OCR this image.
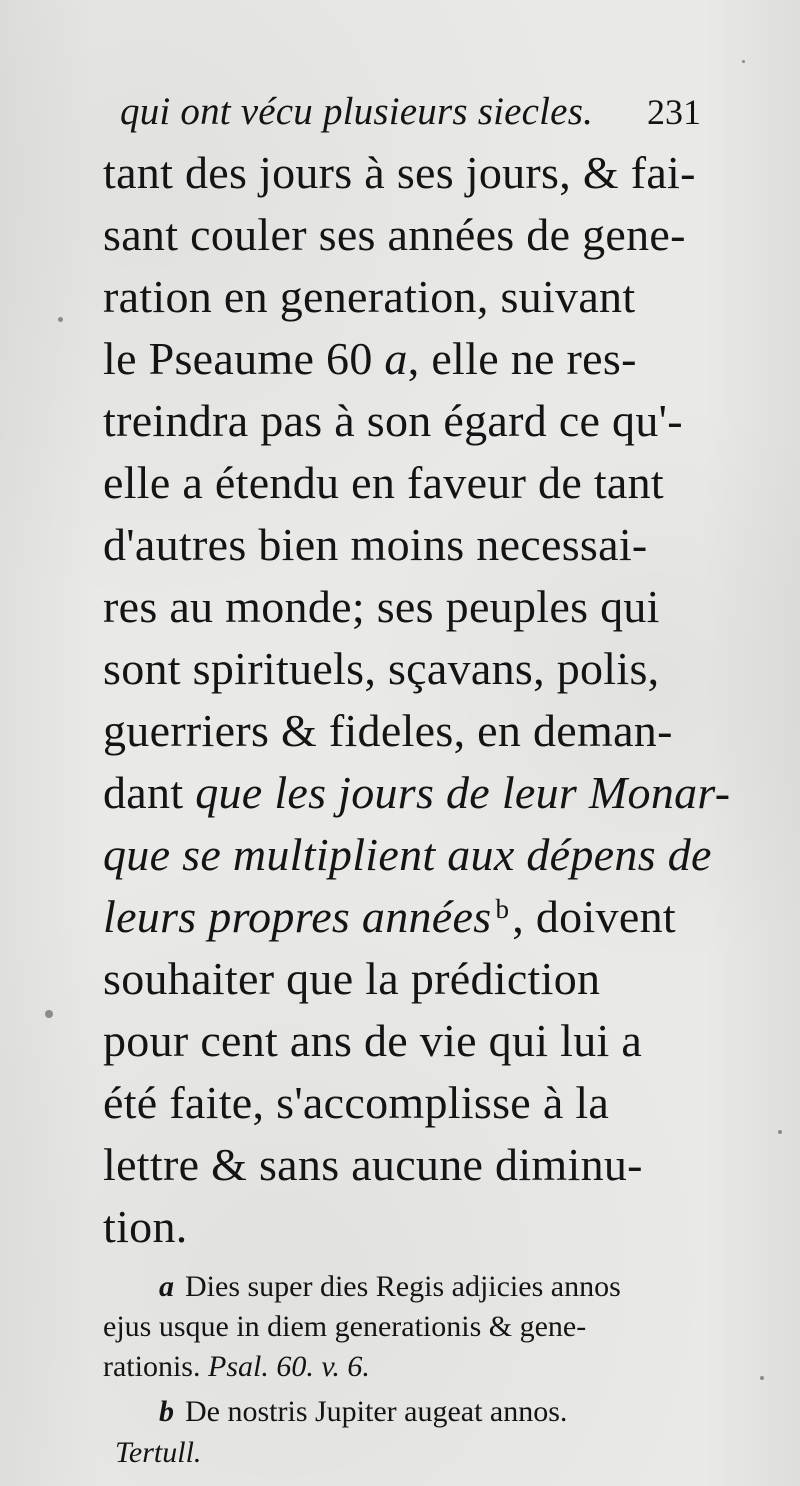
qui ont vécu plusieurs siecles. 231
tant des jours à ses jours, & fai-
sant couler ses années de gene-
ration en generation, suivant
le Pseaume 60 a, elle ne res-
treindra pas à son égard ce qu'-
elle a étendu en faveur de tant
d'autres bien moins necessai-
res au monde; ses peuples qui
sont spirituels, sçavans, polis,
guerriers & fideles, en deman-
dant que les jours de leur Monar-
que se multiplient aux dépens de
leurs propres années b, doivent
souhaiter que la prédiction
pour cent ans de vie qui lui a
été faite, s'accomplisse à la
lettre & sans aucune diminu-
tion.
a Dies super dies Regis adjicies annos
ejus usque in diem generationis & gene-
rationis. Psal. 60. v. 6.
b De nostris Jupiter augeat annos.
Tertull.
